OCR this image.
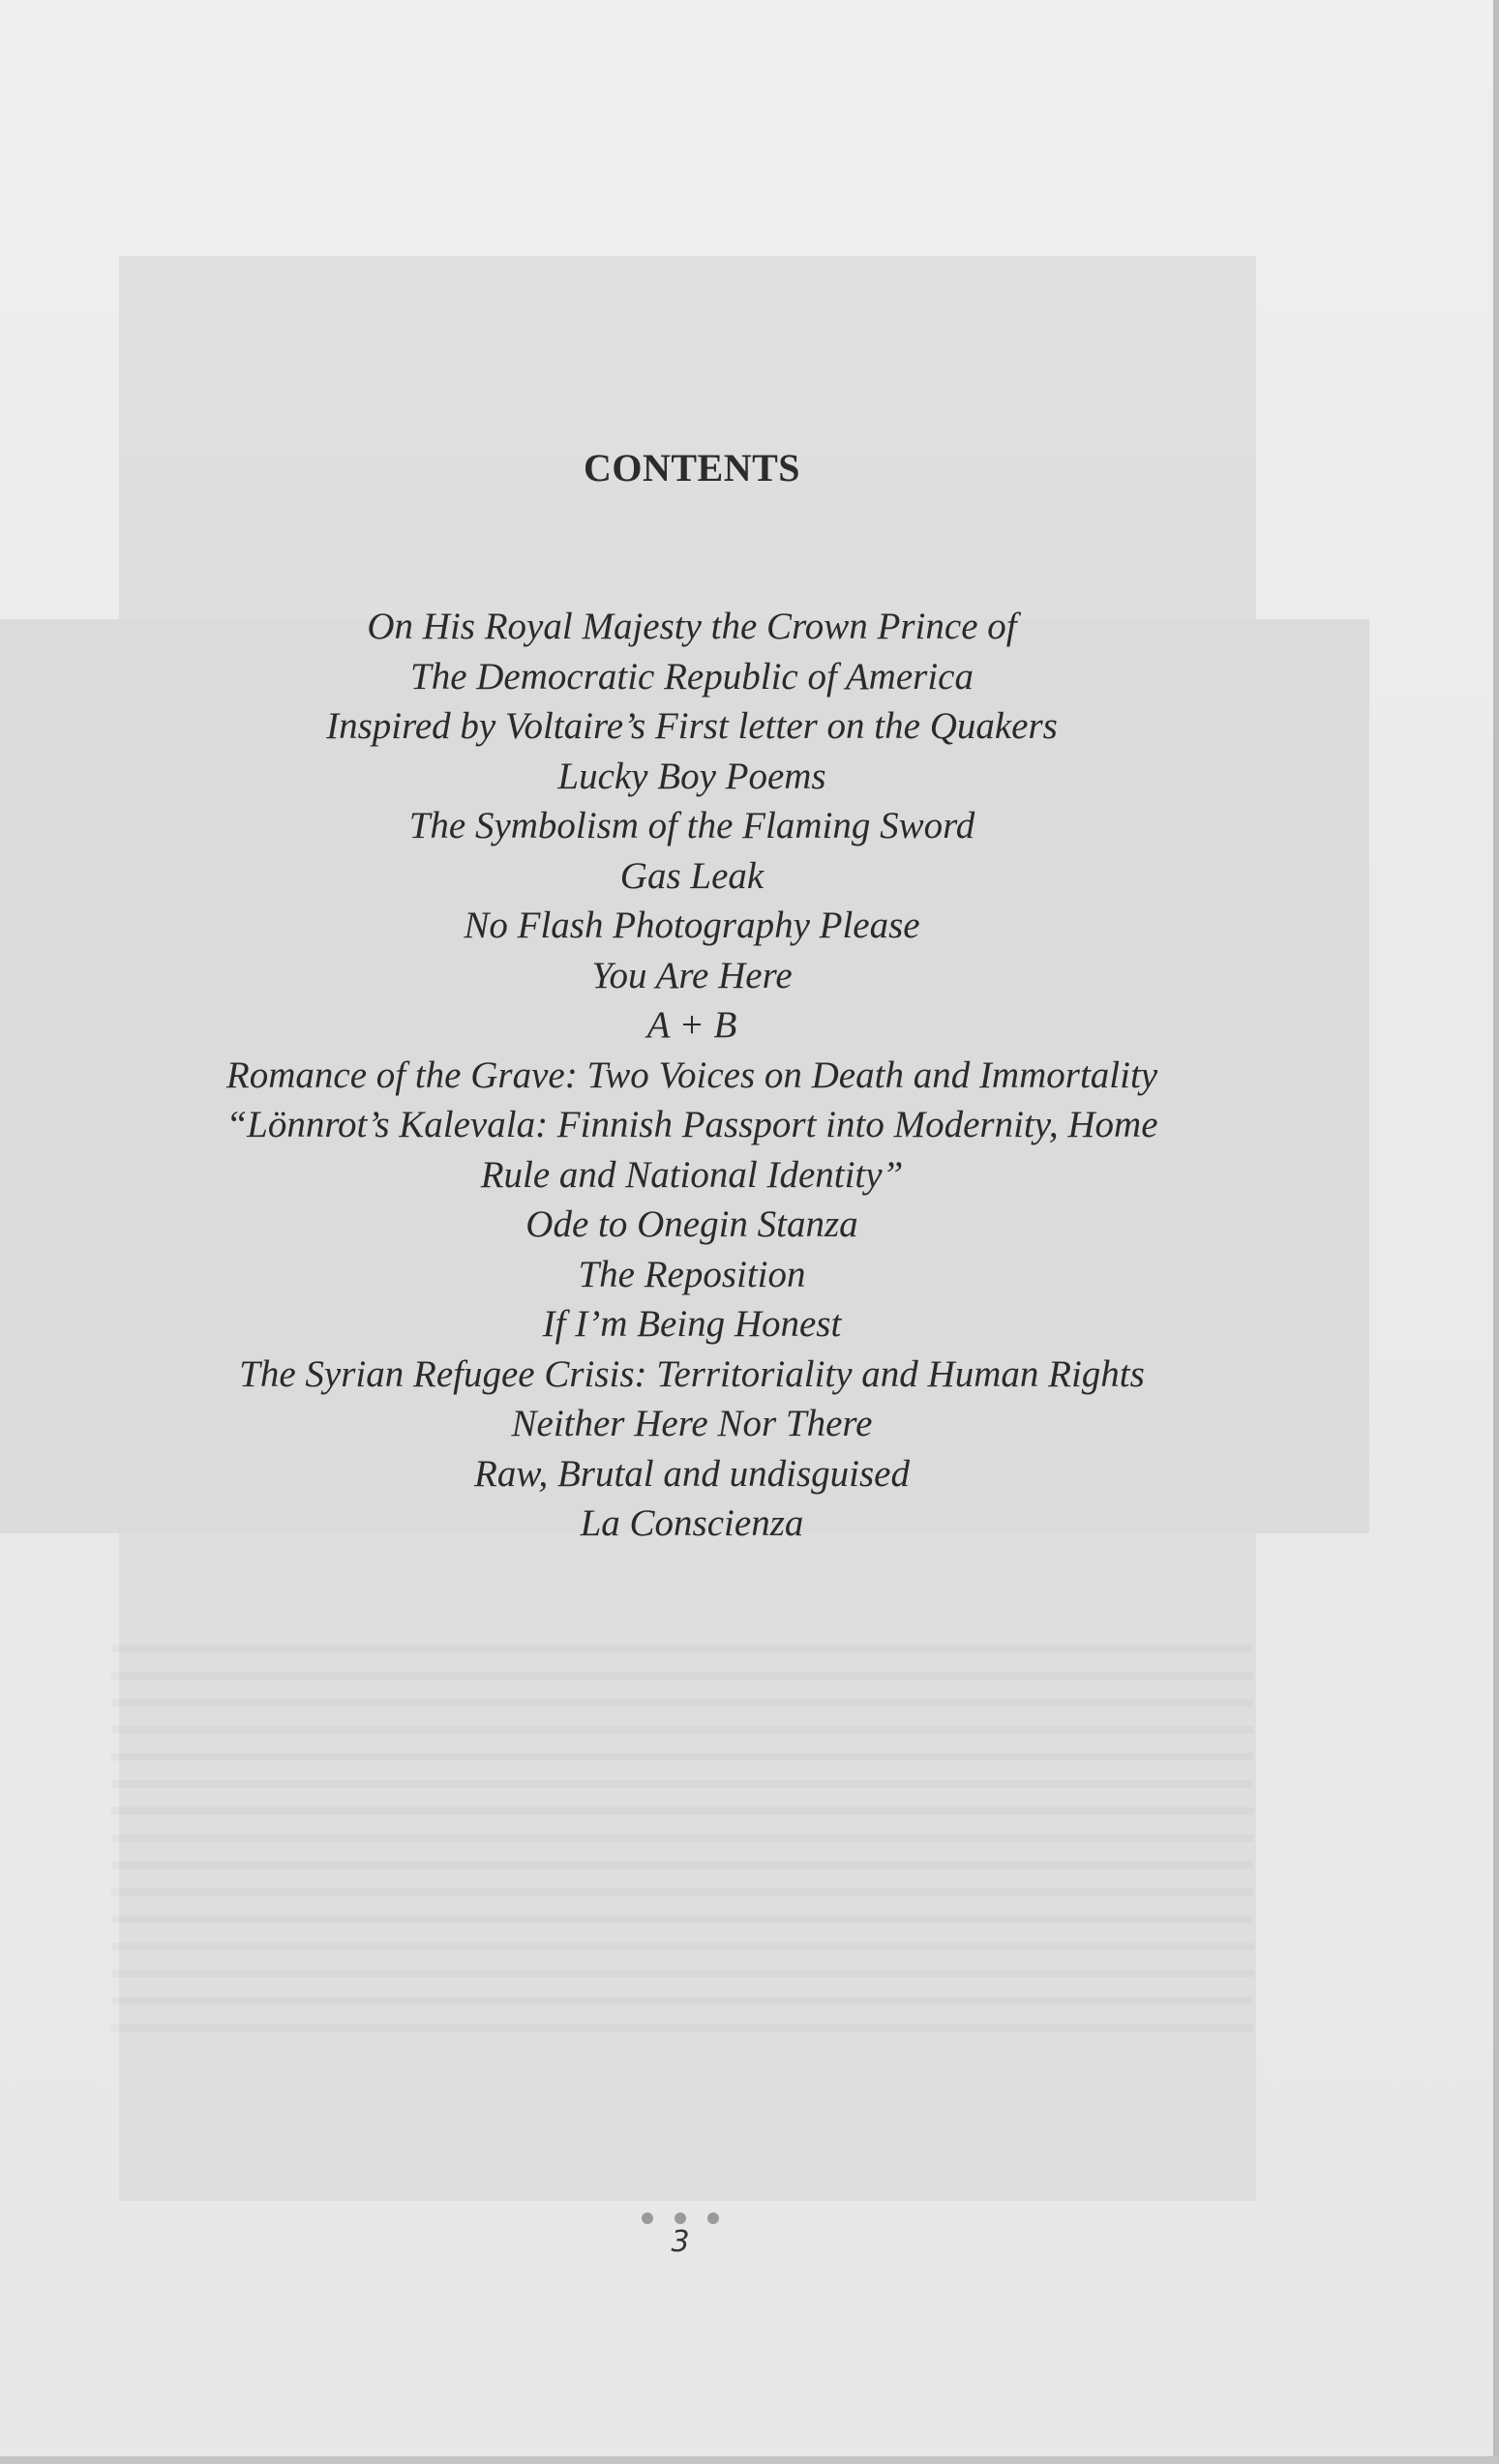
CONTENTS
On His Royal Majesty the Crown Prince of
The Democratic Republic of America
Inspired by Voltaire’s First letter on the Quakers
Lucky Boy Poems
The Symbolism of the Flaming Sword
Gas Leak
No Flash Photography Please
You Are Here
A + B
Romance of the Grave: Two Voices on Death and Immortality
“Lönnrot’s Kalevala: Finnish Passport into Modernity, Home
Rule and National Identity”
Ode to Onegin Stanza
The Reposition
If I’m Being Honest
The Syrian Refugee Crisis: Territoriality and Human Rights
Neither Here Nor There
Raw, Brutal and undisguised
La Conscienza
3
